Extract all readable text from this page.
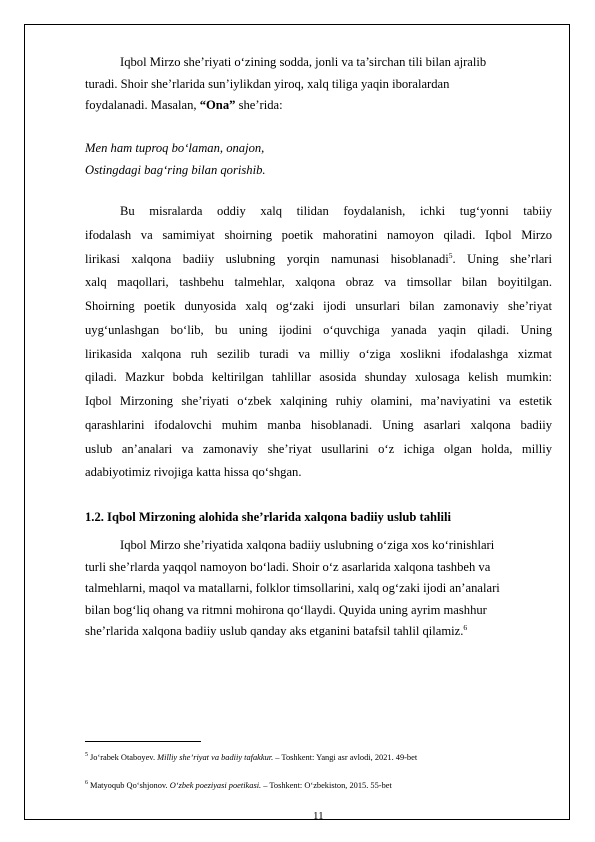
Iqbol Mirzo she’riyati o‘zining sodda, jonli va ta’sirchan tili bilan ajralib
turadi. Shoir she’rlarida sun’iylikdan yiroq, xalq tiliga yaqin iboralardan
foydalanadi. Masalan, “Ona” she’rida:
Men ham tuproq bo‘laman, onajon,
Ostingdagi bag‘ring bilan qorishib.
Bu misralarda oddiy xalq tilidan foydalanish, ichki tug‘yonni tabiiy
ifodalash va samimiyat shoirning poetik mahoratini namoyon qiladi. Iqbol Mirzo
lirikasi xalqona badiiy uslubning yorqin namunasi hisoblanadi$^5$. Uning she’rlari
xalq maqollari, tashbehu talmehlar, xalqona obraz va timsollar bilan boyitilgan.
Shoirning poetik dunyosida xalq og‘zaki ijodi unsurlari bilan zamonaviy she’riyat
uyg‘unlashgan bo‘lib, bu uning ijodini o‘quvchiga yanada yaqin qiladi. Uning
lirikasida xalqona ruh sezilib turadi va milliy o‘ziga xoslikni ifodalashga xizmat
qiladi. Mazkur bobda keltirilgan tahlillar asosida shunday xulosaga kelish mumkin:
Iqbol Mirzoning she’riyati o‘zbek xalqining ruhiy olamini, ma’naviyatini va estetik
qarashlarini ifodalovchi muhim manba hisoblanadi. Uning asarlari xalqona badiiy
uslub an’analari va zamonaviy she’riyat usullarini o‘z ichiga olgan holda, milliy
adabiyotimiz rivojiga katta hissa qo‘shgan.
1.2. Iqbol Mirzoning alohida she’rlarida xalqona badiiy uslub tahlili
Iqbol Mirzo she’riyatida xalqona badiiy uslubning o‘ziga xos ko‘rinishlari
turli she’rlarda yaqqol namoyon bo‘ladi. Shoir o‘z asarlarida xalqona tashbeh va
talmehlarni, maqol va matallarni, folklor timsollarini, xalq og‘zaki ijodi an’analari
bilan bog‘liq ohang va ritmni mohirona qo‘llaydi. Quyida uning ayrim mashhur
she’rlarida xalqona badiiy uslub qanday aks etganini batafsil tahlil qilamiz.$^6$
$^5$ Jo‘rabek Otaboyev. Milliy she’riyat va badiiy tafakkur. – Toshkent: Yangi asr avlodi, 2021. 49-bet
$^6$ Matyoqub Qo‘shjonov. O‘zbek poeziyasi poetikasi. – Toshkent: O‘zbekiston, 2015. 55-bet
11
